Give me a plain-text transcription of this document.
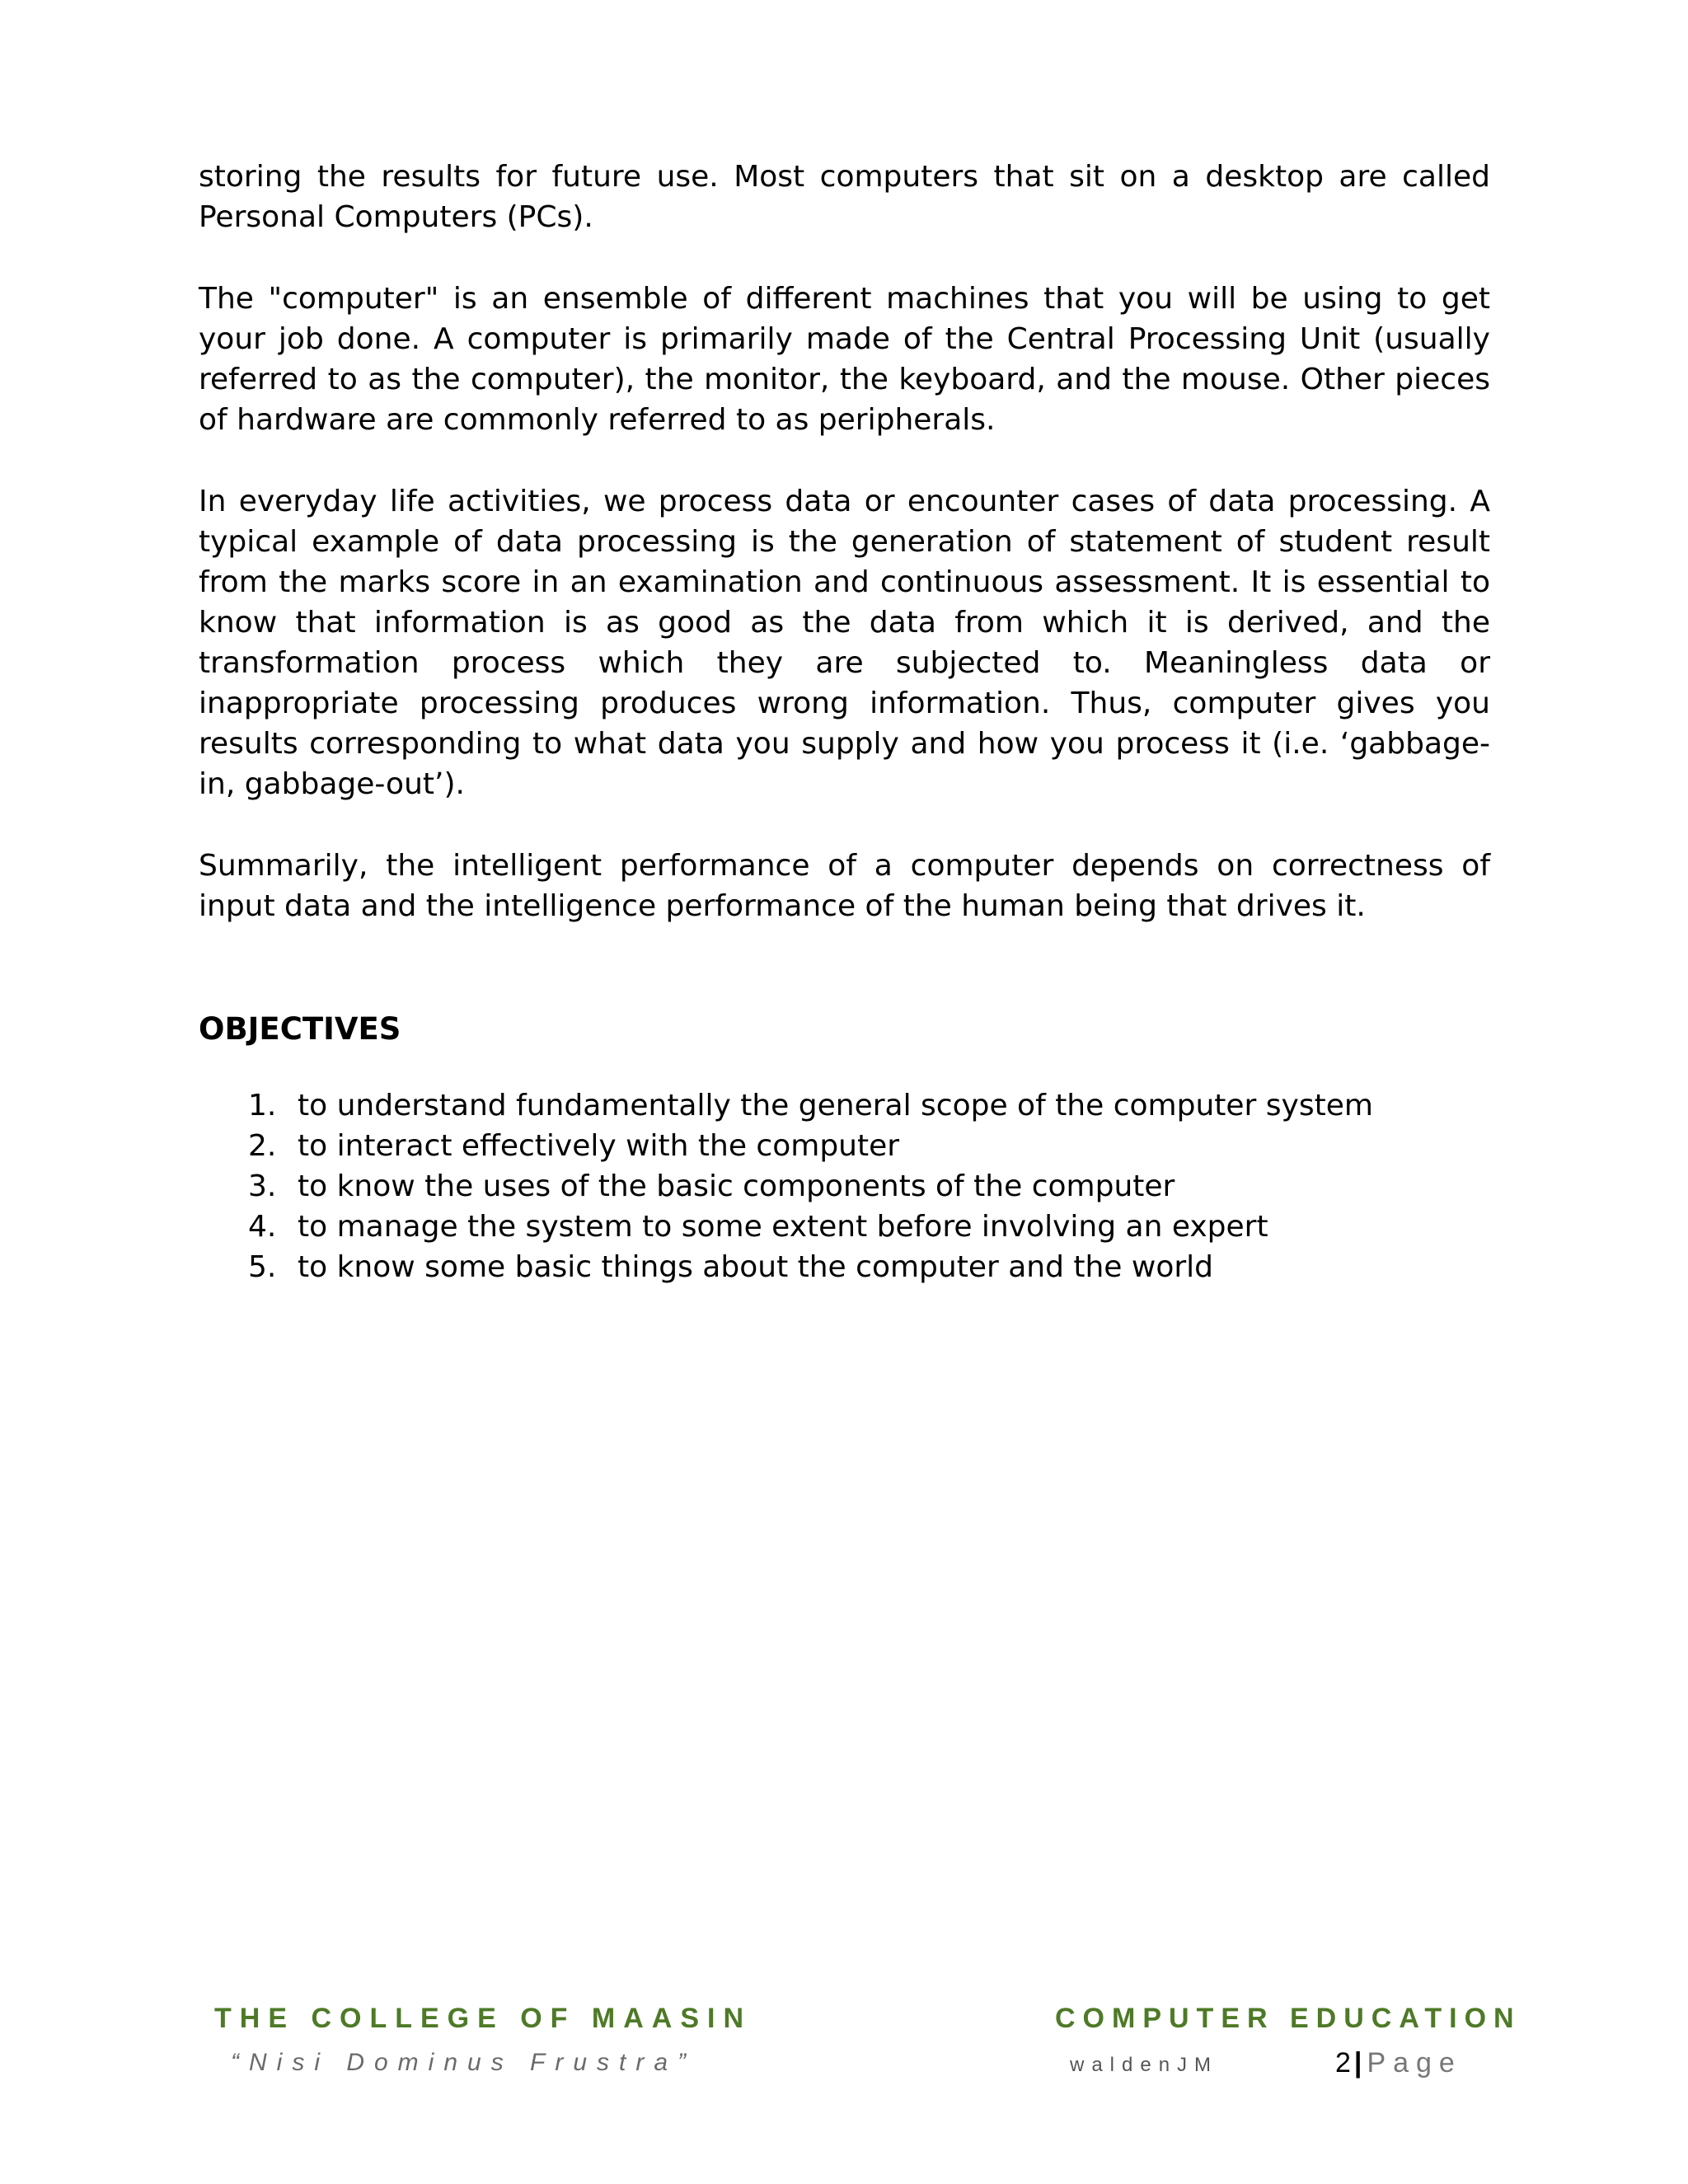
storing the results for future use. Most computers that sit on a desktop are called Personal Computers (PCs).

The "computer" is an ensemble of different machines that you will be using to get your job done. A computer is primarily made of the Central Processing Unit (usually referred to as the computer), the monitor, the keyboard, and the mouse. Other pieces of hardware are commonly referred to as peripherals.

In everyday life activities, we process data or encounter cases of data processing. A typical example of data processing is the generation of statement of student result from the marks score in an examination and continuous assessment. It is essential to know that information is as good as the data from which it is derived, and the transformation process which they are subjected to. Meaningless data or inappropriate processing produces wrong information. Thus, computer gives you results corresponding to what data you supply and how you process it (i.e. ‘gabbage- in, gabbage-out’).

Summarily, the intelligent performance of a computer depends on correctness of input data and the intelligence performance of the human being that drives it.

OBJECTIVES
1. to understand fundamentally the general scope of the computer system
2. to interact effectively with the computer
3. to know the uses of the basic components of the computer
4. to manage the system to some extent before involving an expert
5. to know some basic things about the computer and the world
THE COLLEGE OF MAASIN
“Nisi Dominus Frustra”
COMPUTER EDUCATION
waldenJM	2 | Page
